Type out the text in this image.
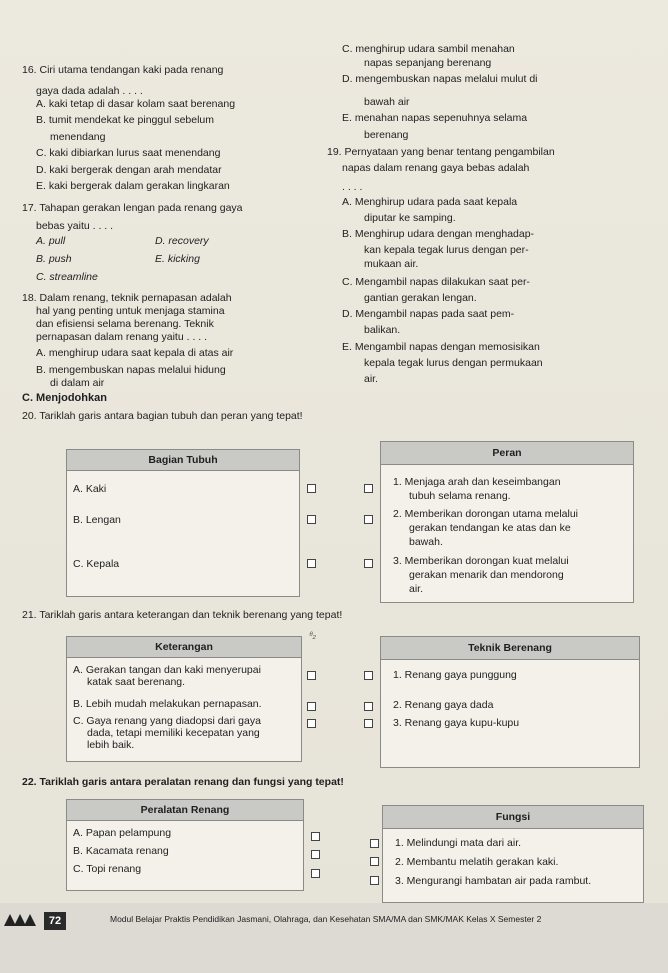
16. Ciri utama tendangan kaki pada renang
gaya dada adalah . . . .
A. kaki tetap di dasar kolam saat berenang
B. tumit mendekat ke pinggul sebelum
menendang
C. kaki dibiarkan lurus saat menendang
D. kaki bergerak dengan arah mendatar
E. kaki bergerak dalam gerakan lingkaran
17. Tahapan gerakan lengan pada renang gaya
bebas yaitu . . . .
A. pull
B. push
C. streamline
D. recovery
E. kicking
18. Dalam renang, teknik pernapasan adalah
hal yang penting untuk menjaga stamina
dan efisiensi selama berenang. Teknik
pernapasan dalam renang yaitu . . . .
A. menghirup udara saat kepala di atas air
B. mengembuskan napas melalui hidung
di dalam air
C. menghirup udara sambil menahan
napas sepanjang berenang
D. mengembuskan napas melalui mulut di
bawah air
E. menahan napas sepenuhnya selama
berenang
19. Pernyataan yang benar tentang pengambilan
napas dalam renang gaya bebas adalah
. . . .
A. Menghirup udara pada saat kepala
diputar ke samping.
B. Menghirup udara dengan menghadap-
kan kepala tegak lurus dengan per-
mukaan air.
C. Mengambil napas dilakukan saat per-
gantian gerakan lengan.
D. Mengambil napas pada saat pem-
balikan.
E. Mengambil napas dengan memosisikan
kepala tegak lurus dengan permukaan
air.
C. Menjodohkan
20. Tariklah garis antara bagian tubuh dan peran yang tepat!
Bagian Tubuh
A. Kaki
B. Lengan
C. Kepala
Peran
1. Menjaga arah dan keseimbangan
tubuh selama renang.
2. Memberikan dorongan utama melalui
gerakan tendangan ke atas dan ke
bawah.
3. Memberikan dorongan kuat melalui
gerakan menarik dan mendorong
air.
21. Tariklah garis antara keterangan dan teknik berenang yang tepat!
Keterangan
A. Gerakan tangan dan kaki menyerupai
katak saat berenang.
B. Lebih mudah melakukan pernapasan.
C. Gaya renang yang diadopsi dari gaya
dada, tetapi memiliki kecepatan yang
lebih baik.
ᶿ₂
Teknik Berenang
1. Renang gaya punggung
2. Renang gaya dada
3. Renang gaya kupu-kupu
22. Tariklah garis antara peralatan renang dan fungsi yang tepat!
Peralatan Renang
A. Papan pelampung
B. Kacamata renang
C. Topi renang
Fungsi
1. Melindungi mata dari air.
2. Membantu melatih gerakan kaki.
3. Mengurangi hambatan air pada rambut.
72	Modul Belajar Praktis Pendidikan Jasmani, Olahraga, dan Kesehatan SMA/MA dan SMK/MAK Kelas X Semester 2
